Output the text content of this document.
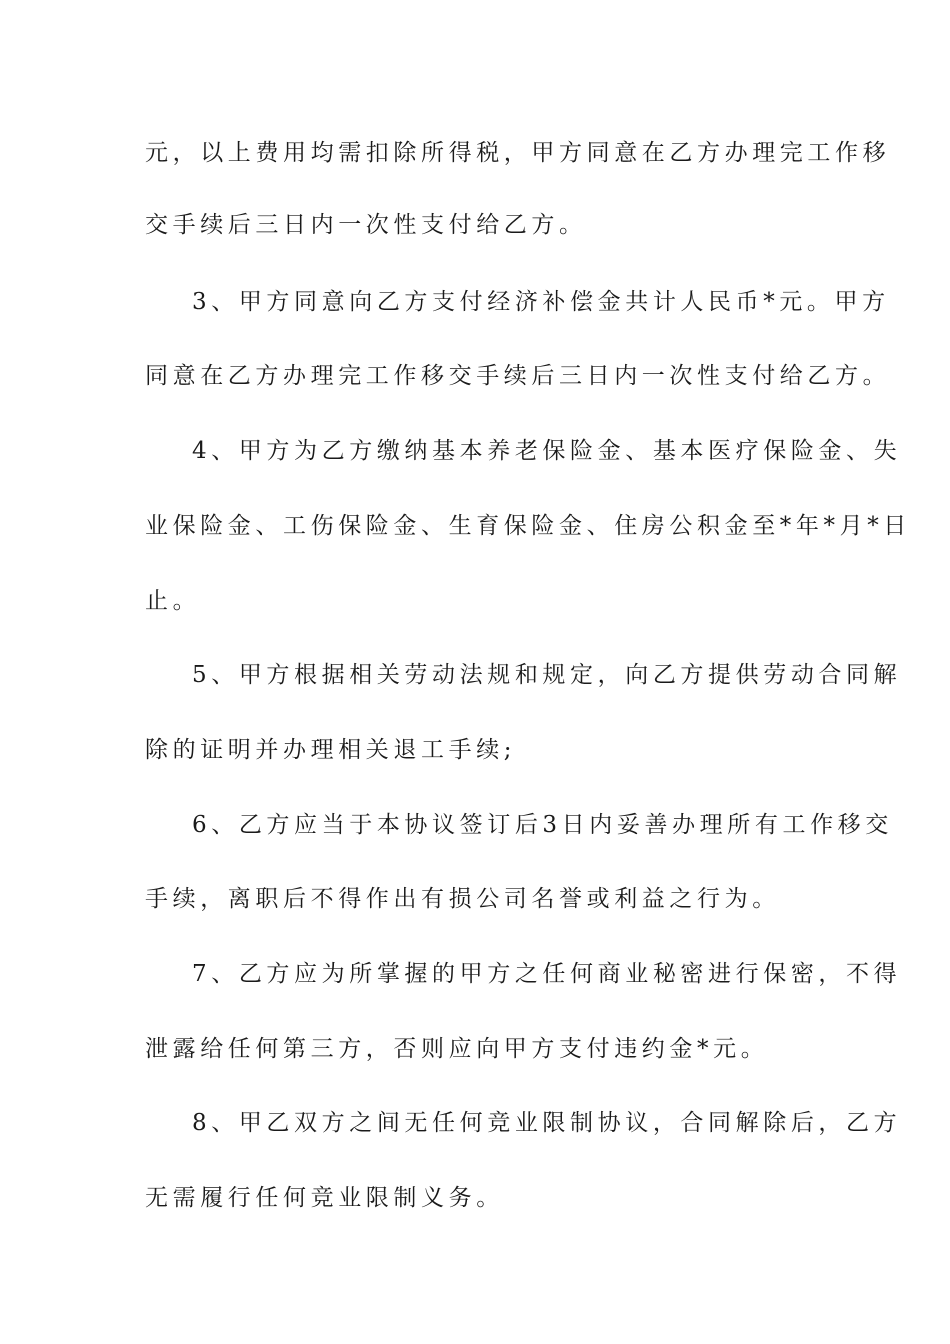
元，以上费用均需扣除所得税，甲方同意在乙方办理完工作移
交手续后三日内一次性支付给乙方。
3、甲方同意向乙方支付经济补偿金共计人民币*元。甲方
同意在乙方办理完工作移交手续后三日内一次性支付给乙方。
4、甲方为乙方缴纳基本养老保险金、基本医疗保险金、失
业保险金、工伤保险金、生育保险金、住房公积金至*年*月*日
止。
5、甲方根据相关劳动法规和规定，向乙方提供劳动合同解
除的证明并办理相关退工手续;
6、乙方应当于本协议签订后3日内妥善办理所有工作移交
手续，离职后不得作出有损公司名誉或利益之行为。
7、乙方应为所掌握的甲方之任何商业秘密进行保密，不得
泄露给任何第三方，否则应向甲方支付违约金*元。
8、甲乙双方之间无任何竞业限制协议，合同解除后，乙方
无需履行任何竞业限制义务。
